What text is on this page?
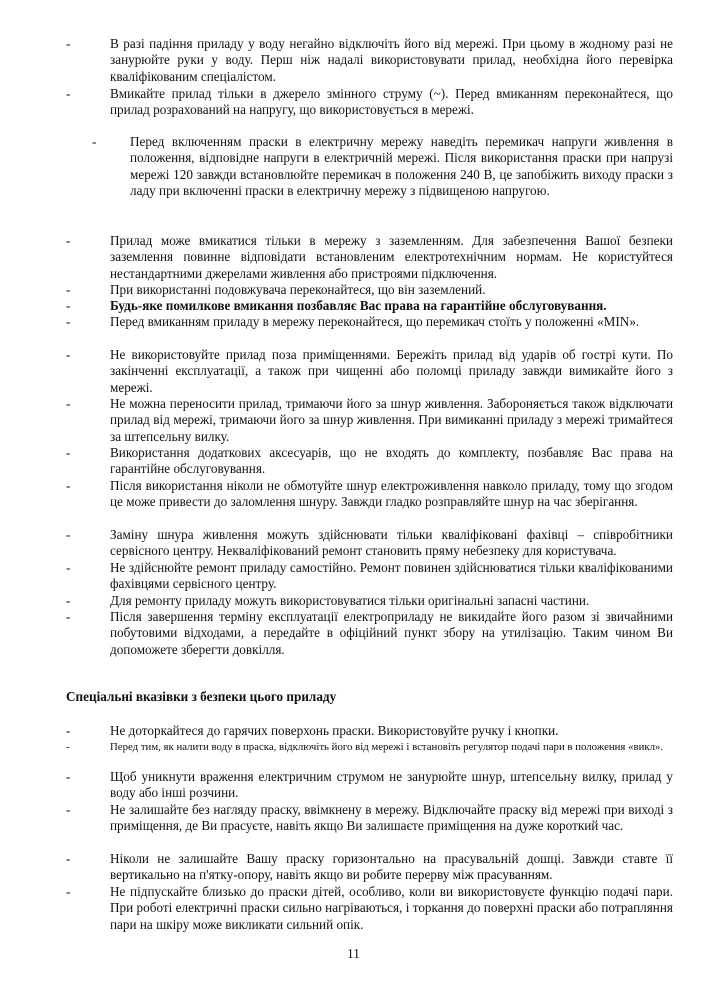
-	В разі падіння приладу у воду негайно відключіть його від мережі. При цьому в жодному разі не занурюйте руки у воду. Перш ніж надалі використовувати прилад, необхідна його перевірка кваліфікованим спеціалістом.
-	Вмикайте прилад тільки в джерело змінного струму (~). Перед вмиканням переконайтеся, що прилад розрахований на напругу, що використовується в мережі.
-	Перед включенням праски в електричну мережу наведіть перемикач напруги живлення в положення, відповідне напруги в електричній мережі. Після використання праски при напрузі мережі 120 завжди встановлюйте перемикач в положення 240 В, це запобіжить виходу праски з ладу при включенні праски в електричну мережу з підвищеною напругою.
-	Прилад може вмикатися тільки в мережу з заземленням. Для забезпечення Вашої безпеки заземлення повинне відповідати встановленим електротехнічним нормам. Не користуйтеся нестандартними джерелами живлення або пристроями підключення.
-	При використанні подовжувача переконайтеся, що він заземлений.
-	Будь-яке помилкове вмикання позбавляє Вас права на гарантійне обслуговування.
-	Перед вмиканням приладу в мережу переконайтеся, що перемикач стоїть у положенні «MIN».
-	Не використовуйте прилад поза приміщеннями. Бережіть прилад від ударів об гострі кути. По закінченні експлуатації, а також при чищенні або поломці приладу завжди вимикайте його з мережі.
-	Не можна переносити прилад, тримаючи його за шнур живлення. Забороняється також відключати прилад від мережі, тримаючи його за шнур живлення. При вимиканні приладу з мережі тримайтеся за штепсельну вилку.
-	Використання додаткових аксесуарів, що не входять до комплекту, позбавляє Вас права на гарантійне обслуговування.
-	Після використання ніколи не обмотуйте шнур електроживлення навколо приладу, тому що згодом це може привести до заломлення шнуру. Завжди гладко розправляйте шнур на час зберігання.
-	Заміну шнура живлення можуть здійснювати тільки кваліфіковані фахівці – співробітники сервісного центру. Некваліфікований ремонт становить пряму небезпеку для користувача.
-	Не здійснюйте ремонт приладу самостійно. Ремонт повинен здійснюватися тільки кваліфікованими фахівцями сервісного центру.
-	Для ремонту приладу можуть використовуватися тільки оригінальні запасні частини.
-	Після завершення терміну експлуатації електроприладу не викидайте його разом зі звичайними побутовими відходами, а передайте в офіційний пункт збору на утилізацію. Таким чином Ви допоможете зберегти довкілля.
Спеціальні вказівки з безпеки цього приладу
-	Не доторкайтеся до гарячих поверхонь праски. Використовуйте ручку і кнопки.
-	Перед тим, як налити воду в праска, відключіть його від мережі і встановіть регулятор подачі пари в положення «викл».
-	Щоб уникнути враження електричним струмом не занурюйте шнур, штепсельну вилку, прилад у воду або інші розчини.
-	Не залишайте без нагляду праску, ввімкнену в мережу. Відключайте праску від мережі при виході з приміщення, де Ви прасуєте, навіть якщо Ви залишаєте приміщення на дуже короткий час.
-	Ніколи не залишайте Вашу праску горизонтально на прасувальній дошці. Завжди ставте її вертикально на п'ятку-опору, навіть якщо ви робите перерву між прасуванням.
-	Не підпускайте близько до праски дітей, особливо, коли ви використовуєте функцію подачі пари. При роботі електричні праски сильно нагріваються, і торкання до поверхні праски або потрапляння пари на шкіру може викликати сильний опік.
11
